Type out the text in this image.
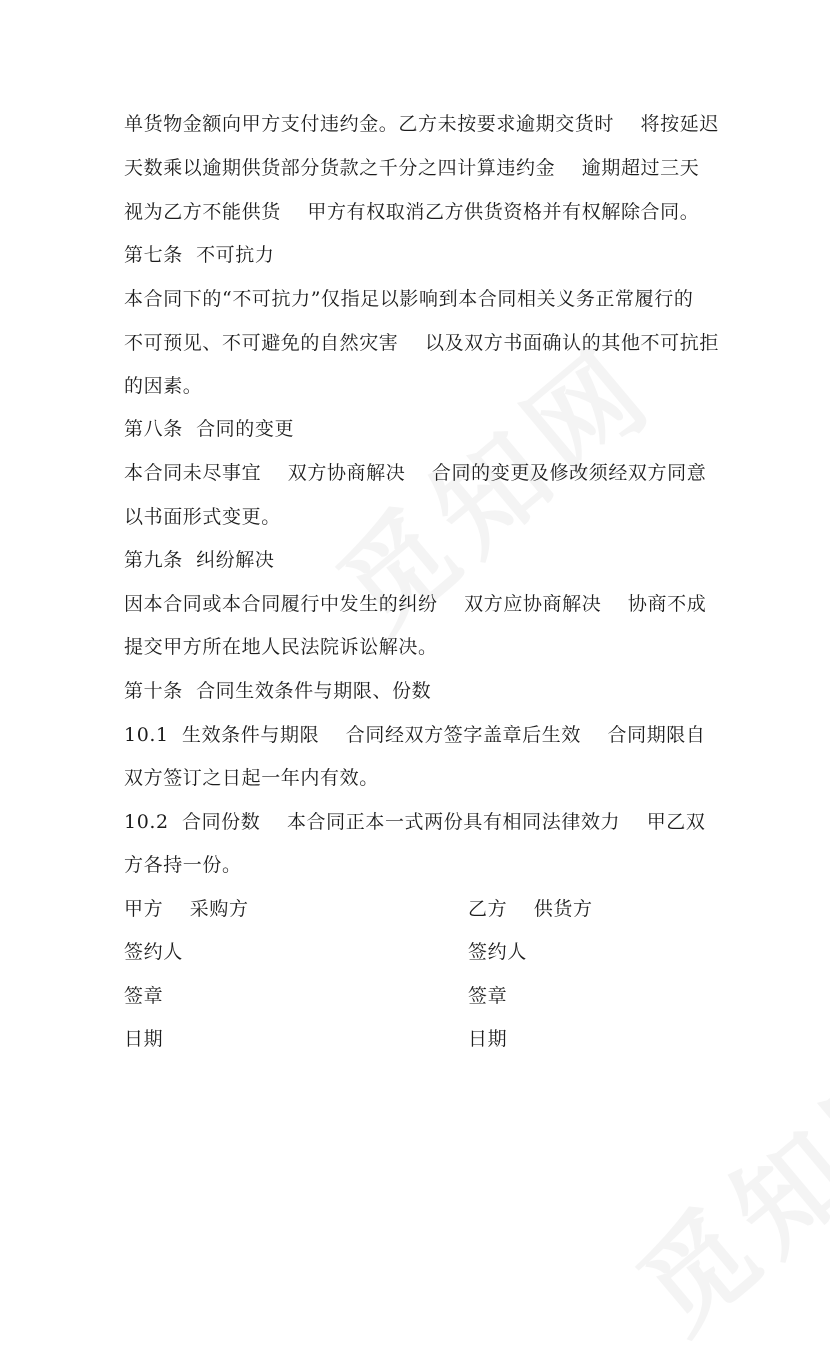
单货物金额向甲方支付违约金。乙方未按要求逾期交货时    将按延迟
天数乘以逾期供货部分货款之千分之四计算违约金    逾期超过三天
视为乙方不能供货    甲方有权取消乙方供货资格并有权解除合同。
第七条  不可抗力
本合同下的“不可抗力”仅指足以影响到本合同相关义务正常履行的
不可预见、不可避免的自然灾害    以及双方书面确认的其他不可抗拒
的因素。
第八条  合同的变更
本合同未尽事宜    双方协商解决    合同的变更及修改须经双方同意
以书面形式变更。
第九条  纠纷解决
因本合同或本合同履行中发生的纠纷    双方应协商解决    协商不成
提交甲方所在地人民法院诉讼解决。
第十条  合同生效条件与期限、份数
10.1  生效条件与期限    合同经双方签字盖章后生效    合同期限自
双方签订之日起一年内有效。
10.2  合同份数    本合同正本一式两份具有相同法律效力    甲乙双
方各持一份。
甲方    采购方	乙方    供货方
签约人	签约人
签章	签章
日期	日期
